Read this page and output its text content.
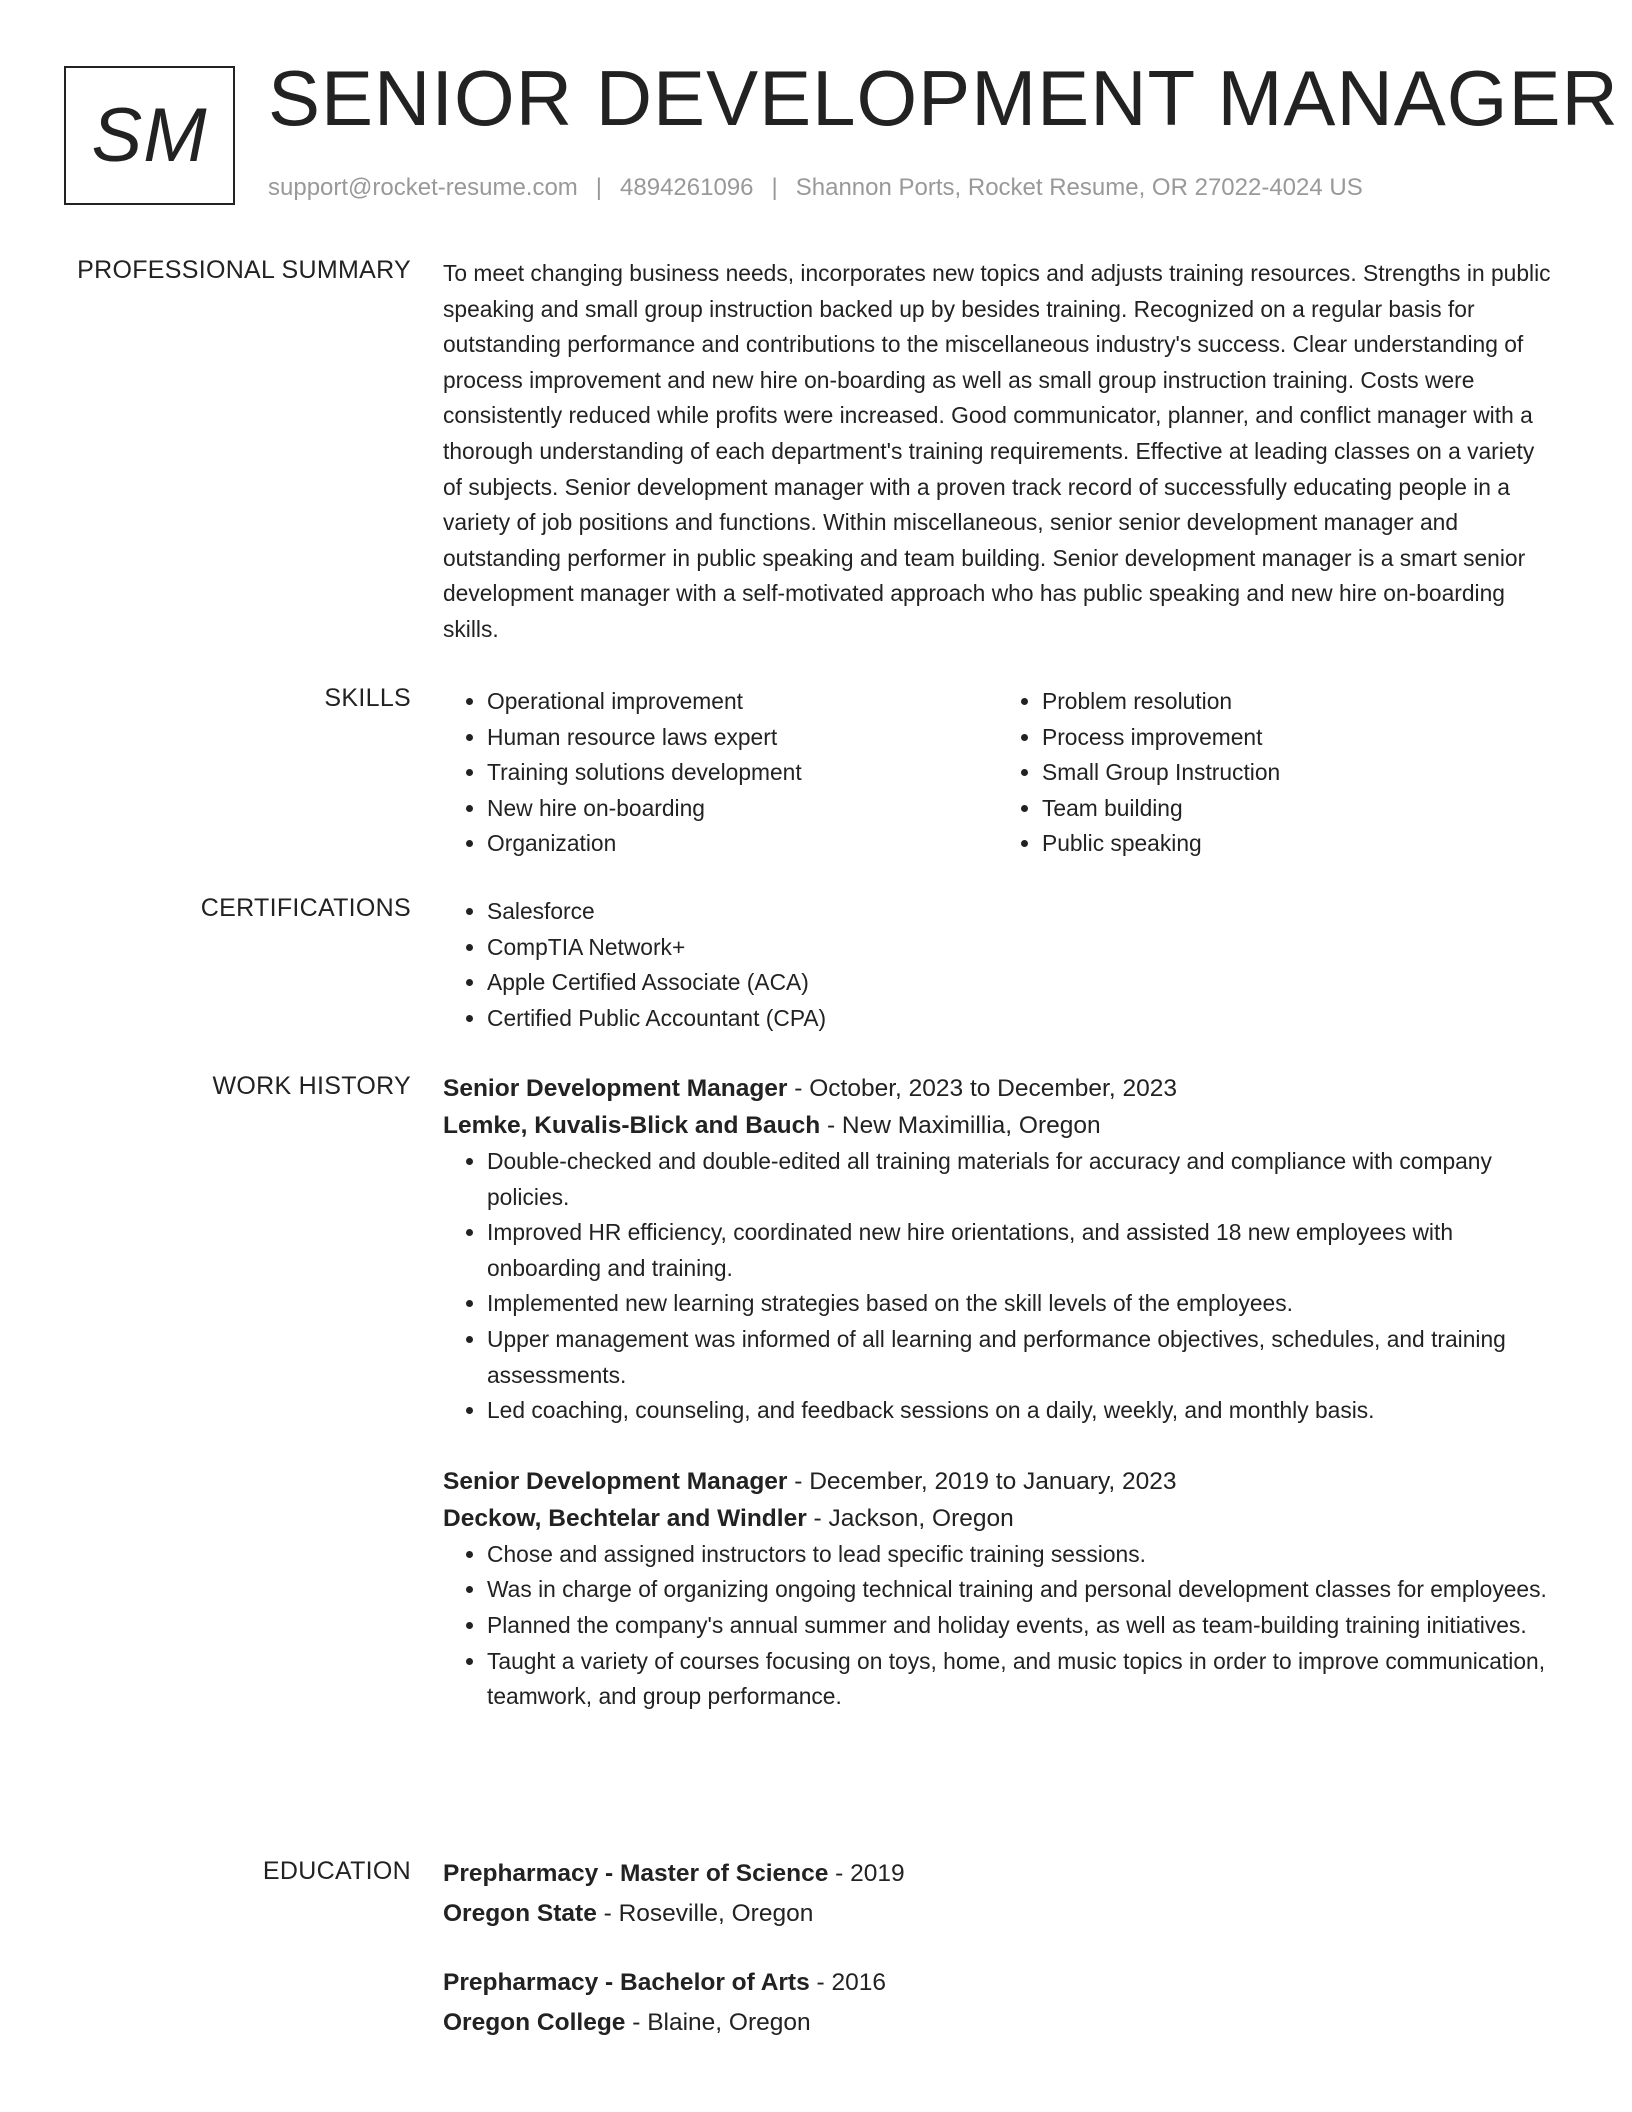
SM SENIOR DEVELOPMENT MANAGER
support@rocket-resume.com | 4894261096 | Shannon Ports, Rocket Resume, OR 27022-4024 US
PROFESSIONAL SUMMARY To meet changing business needs, incorporates new topics and adjusts training resources. Strengths in public speaking and small group instruction backed up by besides training. Recognized on a regular basis for outstanding performance and contributions to the miscellaneous industry's success. Clear understanding of process improvement and new hire on-boarding as well as small group instruction training. Costs were consistently reduced while profits were increased. Good communicator, planner, and conflict manager with a thorough understanding of each department's training requirements. Effective at leading classes on a variety of subjects. Senior development manager with a proven track record of successfully educating people in a variety of job positions and functions. Within miscellaneous, senior senior development manager and outstanding performer in public speaking and team building. Senior development manager is a smart senior development manager with a self-motivated approach who has public speaking and new hire on-boarding skills.

SKILLS	• Operational improvement
• Human resource laws expert
• Training solutions development
• New hire on-boarding
• Organization
• Problem resolution
• Process improvement
• Small Group Instruction
• Team building
• Public speaking
CERTIFICATIONS	• Salesforce
• CompTIA Network+
• Apple Certified Associate (ACA)
• Certified Public Accountant (CPA)
WORK HISTORY Senior Development Manager - October, 2023 to December, 2023
Lemke, Kuvalis-Blick and Bauch - New Maximillia, Oregon
• Double-checked and double-edited all training materials for accuracy and compliance with company policies.
• Improved HR efficiency, coordinated new hire orientations, and assisted 18 new employees with onboarding and training.
• Implemented new learning strategies based on the skill levels of the employees.
• Upper management was informed of all learning and performance objectives, schedules, and training assessments.
• Led coaching, counseling, and feedback sessions on a daily, weekly, and monthly basis.
Senior Development Manager - December, 2019 to January, 2023
Deckow, Bechtelar and Windler - Jackson, Oregon
• Chose and assigned instructors to lead specific training sessions.
• Was in charge of organizing ongoing technical training and personal development classes for employees.
• Planned the company's annual summer and holiday events, as well as team-building training initiatives.
• Taught a variety of courses focusing on toys, home, and music topics in order to improve communication, teamwork, and group performance.
EDUCATION Prepharmacy - Master of Science - 2019
Oregon State - Roseville, Oregon
Prepharmacy - Bachelor of Arts - 2016
Oregon College - Blaine, Oregon
